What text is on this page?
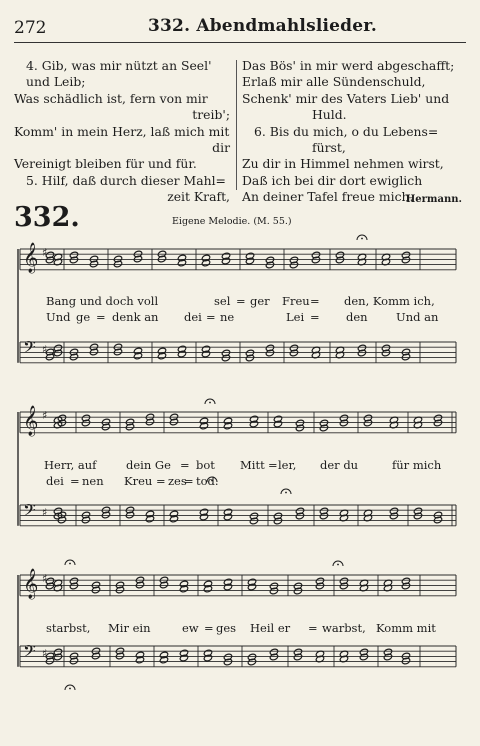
272	332. Abendmahlslieder.
4. Gib, was mir nützt an Seel'
und Leib;
Was schädlich ist, fern von mir
treib';
Komm' in mein Herz, laß mich mit
dir
Vereinigt bleiben für und für.
5. Hilf, daß durch dieser Mahl=
zeit Kraft,
Das Bös' in mir werd abgeschafft;
Erlaß mir alle Sündenschuld,
Schenk' mir des Vaters Lieb' und
Huld.
6. Bis du mich, o du Lebens=
fürst,
Zu dir in Himmel nehmen wirst,
Daß ich bei dir dort ewiglich
An deiner Tafel freue mich.
Hermann.
332.	Eigene Melodie. (M. 55.)
𝄞 ♯
𝄢 ♯
𝄞 ♯
𝄢 ♯
𝄞 ♯
𝄢 ♯
Bang und doch voll	sel = ger Freu = den, Komm ich,
Und ge = denk an dei = ne	Lei = den Und an
Herr, auf	dein Ge = bot Mitt = ler, der du	für mich
dei = nen Kreu = zes
= tod.
starbst, Mir ein	ew = ges Heil er = warbst, Komm mit
